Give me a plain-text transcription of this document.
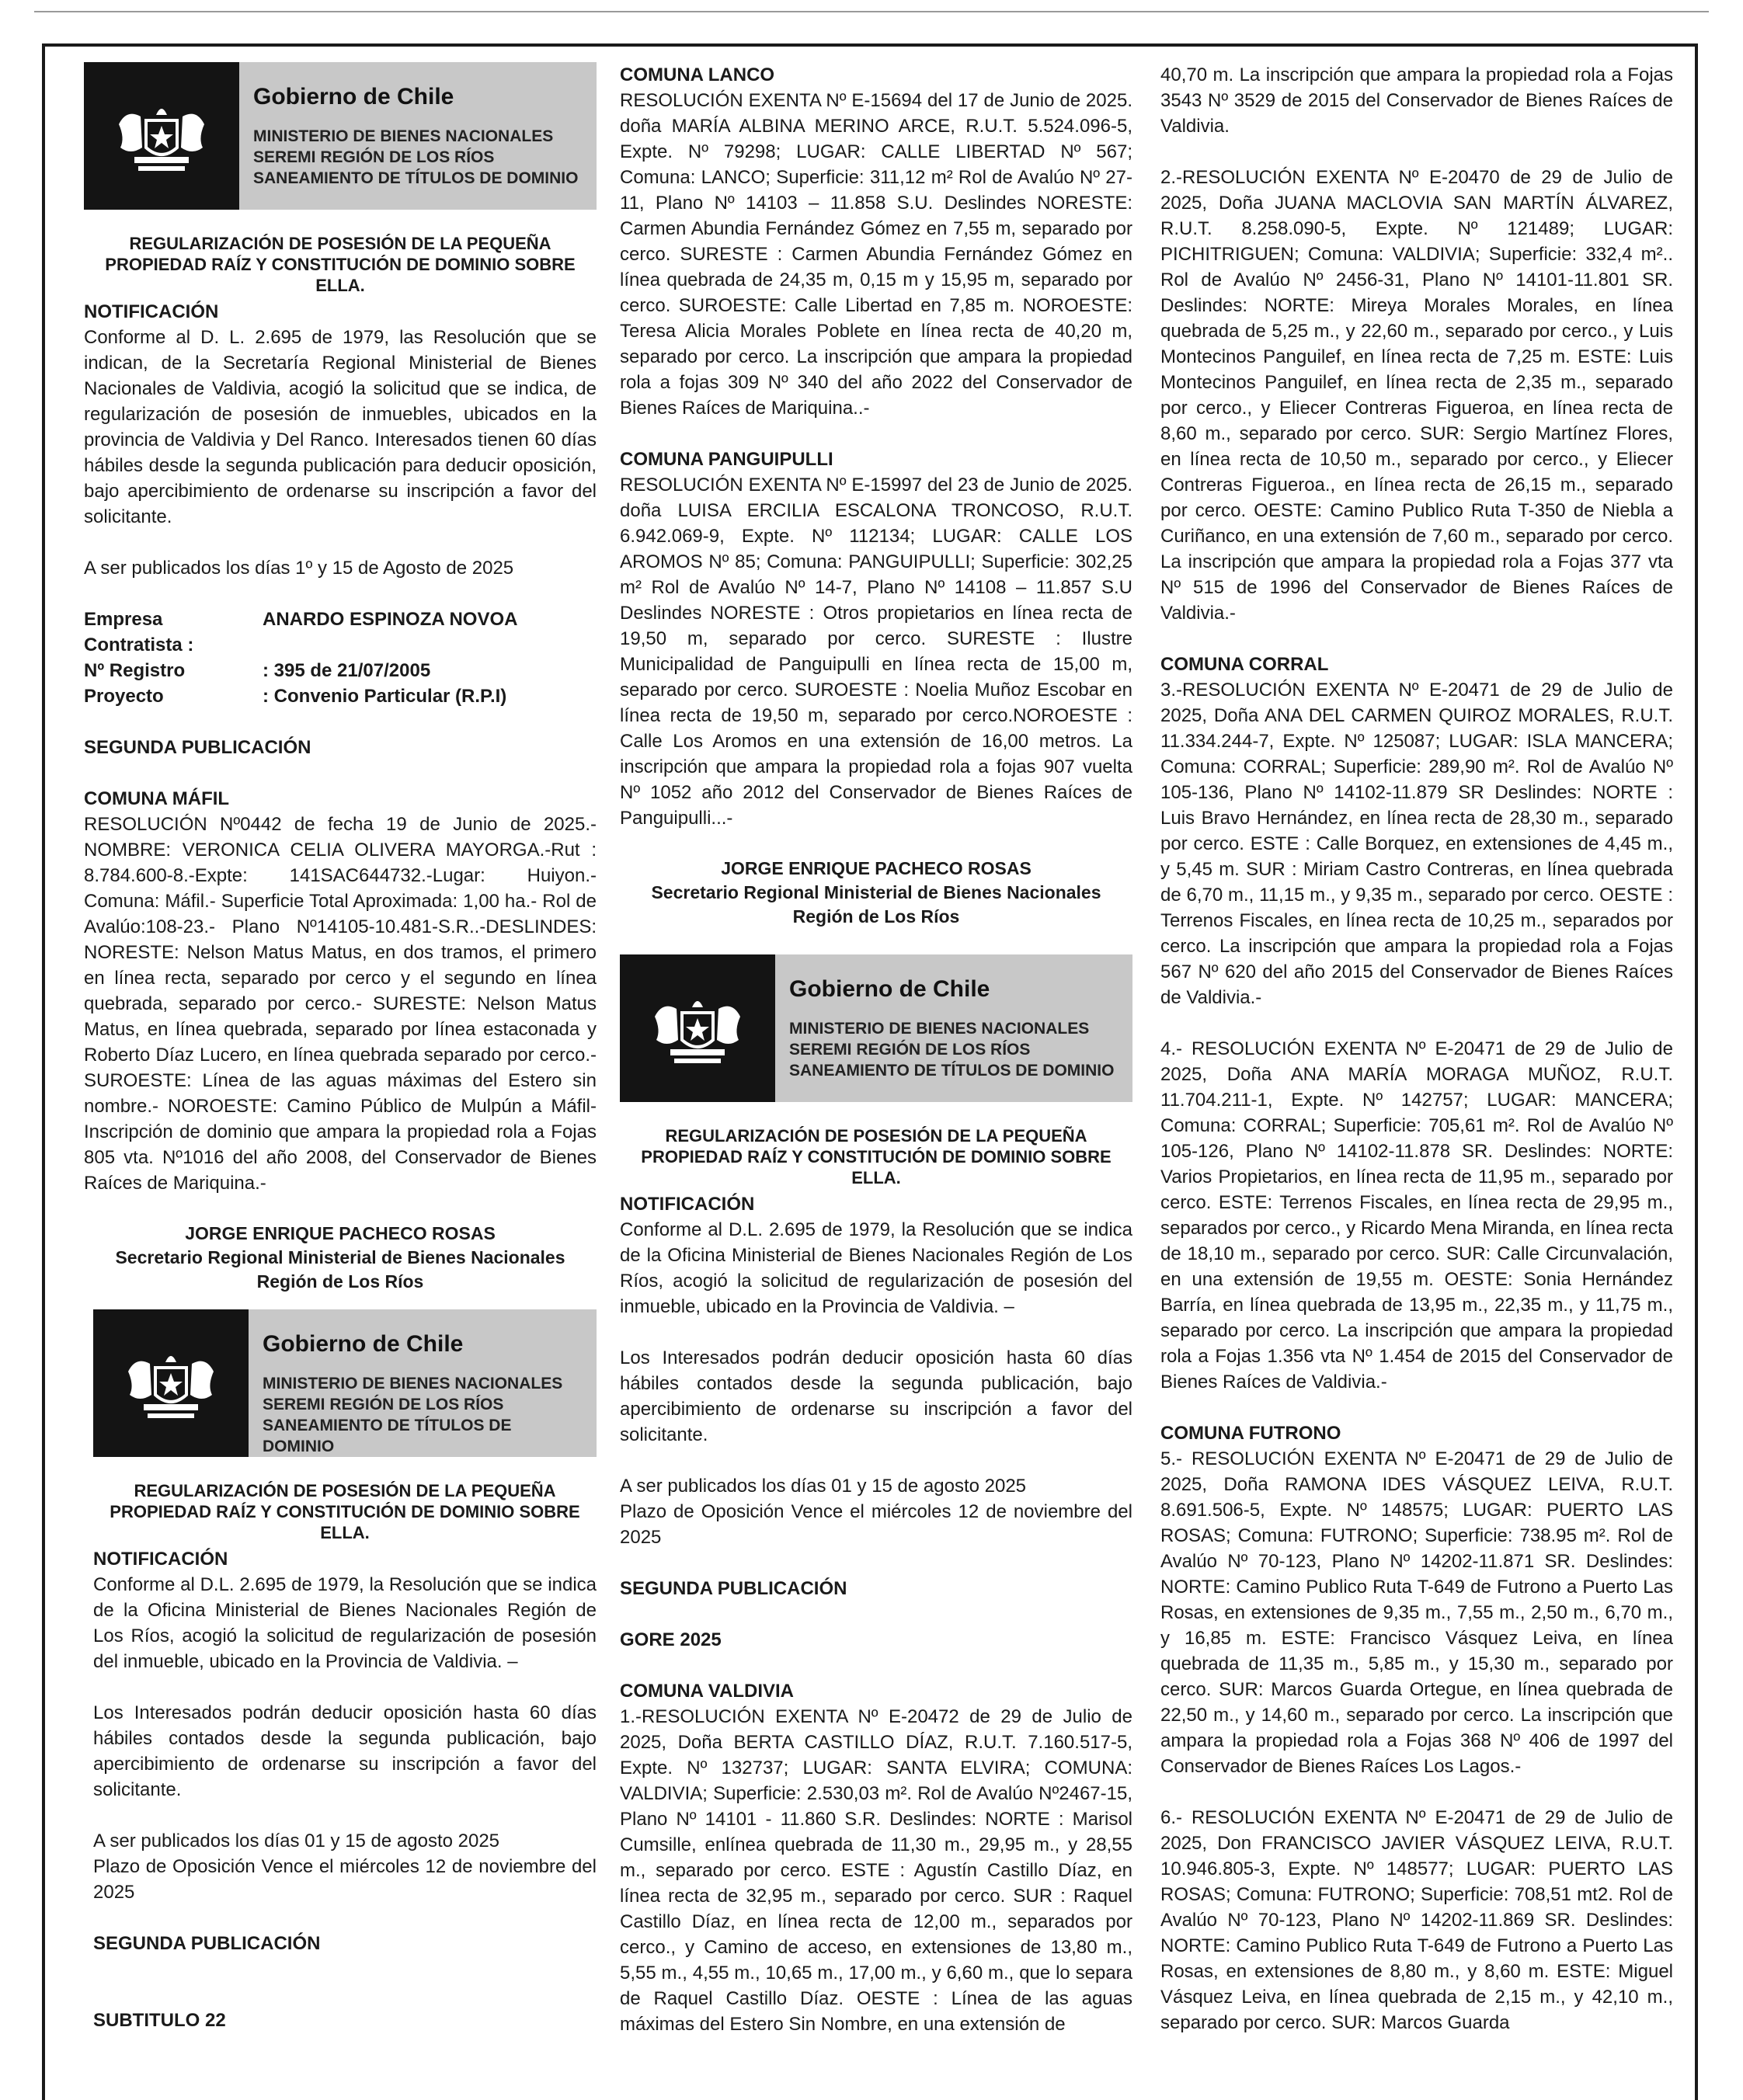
Gobierno de Chile
MINISTERIO DE BIENES NACIONALES
SEREMI REGIÓN DE LOS RÍOS
SANEAMIENTO DE TÍTULOS DE DOMINIO
REGULARIZACIÓN DE POSESIÓN DE LA PEQUEÑA
PROPIEDAD RAÍZ Y CONSTITUCIÓN DE DOMINIO SOBRE ELLA.
NOTIFICACIÓN
Conforme al D. L. 2.695 de 1979, las Resolución que se indican, de la Secretaría Regional Ministerial de Bienes Nacionales de Valdivia, acogió la solicitud que se indica, de regularización de posesión de inmuebles, ubicados en la provincia de Valdivia y Del Ranco. Interesados tienen 60 días hábiles desde la segunda publicación para deducir oposición, bajo apercibimiento de ordenarse su inscripción a favor del solicitante.
A ser publicados los días 1º y 15 de Agosto de 2025
Empresa Contratista :
ANARDO ESPINOZA NOVOA
Nº Registro	: 395 de 21/07/2005
Proyecto	: Convenio Particular (R.P.I)
SEGUNDA PUBLICACIÓN
COMUNA MÁFIL
RESOLUCIÓN Nº0442 de fecha 19 de Junio de 2025.- NOMBRE: VERONICA CELIA OLIVERA MAYORGA.-Rut : 8.784.600-8.-Expte: 141SAC644732.-Lugar: Huiyon.- Comuna: Máfil.- Superficie Total Aproximada: 1,00 ha.- Rol de Avalúo:108-23.- Plano Nº14105-10.481-S.R..-DESLINDES: NORESTE: Nelson Matus Matus, en dos tramos, el primero en línea recta, separado por cerco y el segundo en línea quebrada, separado por cerco.- SURESTE: Nelson Matus Matus, en línea quebrada, separado por línea estaconada y Roberto Díaz Lucero, en línea quebrada separado por cerco.-SUROESTE: Línea de las aguas máximas del Estero sin nombre.- NOROESTE: Camino Público de Mulpún a Máfil- Inscripción de dominio que ampara la propiedad rola a Fojas 805 vta. Nº1016 del año 2008, del Conservador de Bienes Raíces de Mariquina.-
JORGE ENRIQUE PACHECO ROSAS
Secretario Regional Ministerial de Bienes Nacionales
Región de Los Ríos
Gobierno de Chile
MINISTERIO DE BIENES NACIONALES
SEREMI REGIÓN DE LOS RÍOS
SANEAMIENTO DE TÍTULOS DE DOMINIO
REGULARIZACIÓN DE POSESIÓN DE LA PEQUEÑA
PROPIEDAD RAÍZ Y CONSTITUCIÓN DE DOMINIO SOBRE ELLA.
NOTIFICACIÓN
Conforme al D.L. 2.695 de 1979, la Resolución que se indica de la Oficina Ministerial de Bienes Nacionales Región de Los Ríos, acogió la solicitud de regularización de posesión del inmueble, ubicado en la Provincia de Valdivia. –
Los Interesados podrán deducir oposición hasta 60 días hábiles contados desde la segunda publicación, bajo apercibimiento de ordenarse su inscripción a favor del solicitante.
A ser publicados los días 01 y 15 de agosto 2025
Plazo de Oposición Vence el miércoles 12 de noviembre del 2025
SEGUNDA PUBLICACIÓN
SUBTITULO 22
COMUNA LANCO
RESOLUCIÓN EXENTA Nº E-15694 del 17 de Junio de 2025. doña MARÍA ALBINA MERINO ARCE, R.U.T. 5.524.096-5, Expte. Nº 79298; LUGAR: CALLE LIBERTAD Nº 567; Comuna: LANCO; Superficie: 311,12 m² Rol de Avalúo Nº 27-11, Plano Nº 14103 – 11.858 S.U. Deslindes NORESTE: Carmen Abundia Fernández Gómez en 7,55 m, separado por cerco. SURESTE : Carmen Abundia Fernández Gómez en línea quebrada de 24,35 m, 0,15 m y 15,95 m, separado por cerco. SUROESTE: Calle Libertad en 7,85 m. NOROESTE: Teresa Alicia Morales Poblete en línea recta de 40,20 m, separado por cerco. La inscripción que ampara la propiedad rola a fojas 309 Nº 340 del año 2022 del Conservador de Bienes Raíces de Mariquina..-
COMUNA PANGUIPULLI
RESOLUCIÓN EXENTA Nº E-15997 del 23 de Junio de 2025. doña LUISA ERCILIA ESCALONA TRONCOSO, R.U.T. 6.942.069-9, Expte. Nº 112134; LUGAR: CALLE LOS AROMOS Nº 85; Comuna: PANGUIPULLI; Superficie: 302,25 m² Rol de Avalúo Nº 14-7, Plano Nº 14108 – 11.857 S.U Deslindes NORESTE : Otros propietarios en línea recta de 19,50 m, separado por cerco. SURESTE : Ilustre Municipalidad de Panguipulli en línea recta de 15,00 m, separado por cerco. SUROESTE : Noelia Muñoz Escobar en línea recta de 19,50 m, separado por cerco.NOROESTE : Calle Los Aromos en una extensión de 16,00 metros. La inscripción que ampara la propiedad rola a fojas 907 vuelta Nº 1052 año 2012 del Conservador de Bienes Raíces de Panguipulli...-
JORGE ENRIQUE PACHECO ROSAS
Secretario Regional Ministerial de Bienes Nacionales
Región de Los Ríos
Gobierno de Chile
MINISTERIO DE BIENES NACIONALES
SEREMI REGIÓN DE LOS RÍOS
SANEAMIENTO DE TÍTULOS DE DOMINIO
REGULARIZACIÓN DE POSESIÓN DE LA PEQUEÑA
PROPIEDAD RAÍZ Y CONSTITUCIÓN DE DOMINIO SOBRE ELLA.
NOTIFICACIÓN
Conforme al D.L. 2.695 de 1979, la Resolución que se indica de la Oficina Ministerial de Bienes Nacionales Región de Los Ríos, acogió la solicitud de regularización de posesión del inmueble, ubicado en la Provincia de Valdivia. –
Los Interesados podrán deducir oposición hasta 60 días hábiles contados desde la segunda publicación, bajo apercibimiento de ordenarse su inscripción a favor del solicitante.
A ser publicados los días 01 y 15 de agosto 2025
Plazo de Oposición Vence el miércoles 12 de noviembre del 2025
SEGUNDA PUBLICACIÓN
GORE 2025
COMUNA VALDIVIA
1.-RESOLUCIÓN EXENTA Nº E-20472 de 29 de Julio de 2025, Doña BERTA CASTILLO DÍAZ, R.U.T. 7.160.517-5, Expte. Nº 132737; LUGAR: SANTA ELVIRA; COMUNA: VALDIVIA; Superficie: 2.530,03 m². Rol de Avalúo Nº2467-15, Plano Nº 14101 - 11.860 S.R. Deslindes: NORTE : Marisol Cumsille, enlínea quebrada de 11,30 m., 29,95 m., y 28,55 m., separado por cerco. ESTE : Agustín Castillo Díaz, en línea recta de 32,95 m., separado por cerco. SUR : Raquel Castillo Díaz, en línea recta de 12,00 m., separados por cerco., y Camino de acceso, en extensiones de 13,80 m., 5,55 m., 4,55 m., 10,65 m., 17,00 m., y 6,60 m., que lo separa de Raquel Castillo Díaz. OESTE : Línea de las aguas máximas del Estero Sin Nombre, en una extensión de
40,70 m. La inscripción que ampara la propiedad rola a Fojas 3543 Nº 3529 de 2015 del Conservador de Bienes Raíces de Valdivia.
2.-RESOLUCIÓN EXENTA Nº E-20470 de 29 de Julio de 2025, Doña JUANA MACLOVIA SAN MARTÍN ÁLVAREZ, R.U.T. 8.258.090-5, Expte. Nº 121489; LUGAR: PICHITRIGUEN; Comuna: VALDIVIA; Superficie: 332,4 m².. Rol de Avalúo Nº 2456-31, Plano Nº 14101-11.801 SR. Deslindes: NORTE: Mireya Morales Morales, en línea quebrada de 5,25 m., y 22,60 m., separado por cerco., y Luis Montecinos Panguilef, en línea recta de 7,25 m. ESTE: Luis Montecinos Panguilef, en línea recta de 2,35 m., separado por cerco., y Eliecer Contreras Figueroa, en línea recta de 8,60 m., separado por cerco. SUR: Sergio Martínez Flores, en línea recta de 10,50 m., separado por cerco., y Eliecer Contreras Figueroa., en línea recta de 26,15 m., separado por cerco. OESTE: Camino Publico Ruta T-350 de Niebla a Curiñanco, en una extensión de 7,60 m., separado por cerco. La inscripción que ampara la propiedad rola a Fojas 377 vta Nº 515 de 1996 del Conservador de Bienes Raíces de Valdivia.-
COMUNA CORRAL
3.-RESOLUCIÓN EXENTA Nº E-20471 de 29 de Julio de 2025, Doña ANA DEL CARMEN QUIROZ MORALES, R.U.T. 11.334.244-7, Expte. Nº 125087; LUGAR: ISLA MANCERA; Comuna: CORRAL; Superficie: 289,90 m². Rol de Avalúo Nº 105-136, Plano Nº 14102-11.879 SR Deslindes: NORTE : Luis Bravo Hernández, en línea recta de 28,30 m., separado por cerco. ESTE : Calle Borquez, en extensiones de 4,45 m., y 5,45 m. SUR : Miriam Castro Contreras, en línea quebrada de 6,70 m., 11,15 m., y 9,35 m., separado por cerco. OESTE : Terrenos Fiscales, en línea recta de 10,25 m., separados por cerco. La inscripción que ampara la propiedad rola a Fojas 567 Nº 620 del año 2015 del Conservador de Bienes Raíces de Valdivia.-
4.- RESOLUCIÓN EXENTA Nº E-20471 de 29 de Julio de 2025, Doña ANA MARÍA MORAGA MUÑOZ, R.U.T. 11.704.211-1, Expte. Nº 142757; LUGAR: MANCERA; Comuna: CORRAL; Superficie: 705,61 m². Rol de Avalúo Nº 105-126, Plano Nº 14102-11.878 SR. Deslindes: NORTE: Varios Propietarios, en línea recta de 11,95 m., separado por cerco. ESTE: Terrenos Fiscales, en línea recta de 29,95 m., separados por cerco., y Ricardo Mena Miranda, en línea recta de 18,10 m., separado por cerco. SUR: Calle Circunvalación, en una extensión de 19,55 m. OESTE: Sonia Hernández Barría, en línea quebrada de 13,95 m., 22,35 m., y 11,75 m., separado por cerco. La inscripción que ampara la propiedad rola a Fojas 1.356 vta Nº 1.454 de 2015 del Conservador de Bienes Raíces de Valdivia.-
COMUNA FUTRONO
5.- RESOLUCIÓN EXENTA Nº E-20471 de 29 de Julio de 2025, Doña RAMONA IDES VÁSQUEZ LEIVA, R.U.T. 8.691.506-5, Expte. Nº 148575; LUGAR: PUERTO LAS ROSAS; Comuna: FUTRONO; Superficie: 738.95 m². Rol de Avalúo Nº 70-123, Plano Nº 14202-11.871 SR. Deslindes: NORTE: Camino Publico Ruta T-649 de Futrono a Puerto Las Rosas, en extensiones de 9,35 m., 7,55 m., 2,50 m., 6,70 m., y 16,85 m. ESTE: Francisco Vásquez Leiva, en línea quebrada de 11,35 m., 5,85 m., y 15,30 m., separado por cerco. SUR: Marcos Guarda Ortegue, en línea quebrada de 22,50 m., y 14,60 m., separado por cerco. La inscripción que ampara la propiedad rola a Fojas 368 Nº 406 de 1997 del Conservador de Bienes Raíces Los Lagos.-
6.- RESOLUCIÓN EXENTA Nº E-20471 de 29 de Julio de 2025, Don FRANCISCO JAVIER VÁSQUEZ LEIVA, R.U.T. 10.946.805-3, Expte. Nº 148577; LUGAR: PUERTO LAS ROSAS; Comuna: FUTRONO; Superficie: 708,51 mt2. Rol de Avalúo Nº 70-123, Plano Nº 14202-11.869 SR. Deslindes: NORTE: Camino Publico Ruta T-649 de Futrono a Puerto Las Rosas, en extensiones de 8,80 m., y 8,60 m. ESTE: Miguel Vásquez Leiva, en línea quebrada de 2,15 m., y 42,10 m., separado por cerco. SUR: Marcos Guarda
